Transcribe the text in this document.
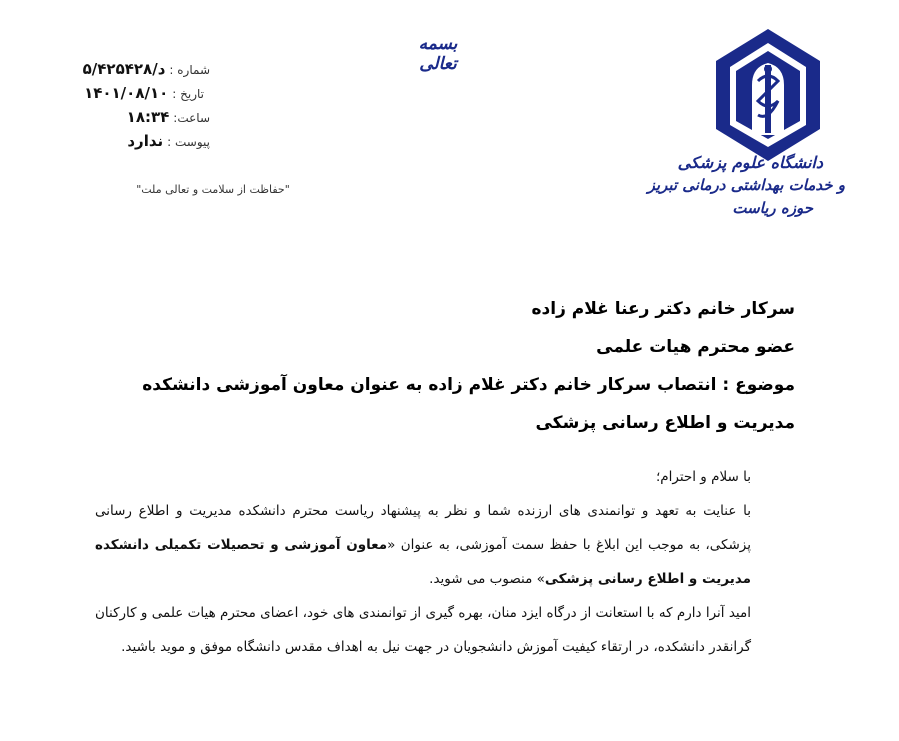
دانشگاه علوم پزشکی
و خدمات بهداشتی درمانی تبریز
حوزه ریاست
بسمه تعالی
شماره :
۵/د/۴۲۵۴۲۸
تاریخ :
۱۴۰۱/۰۸/۱۰
ساعت:
۱۸:۳۴
پیوست :
ندارد
"حفاظت از سلامت و تعالی ملت"
سرکار خانم دکتر رعنا غلام زاده
عضو محترم هیات علمی
موضوع : انتصاب سرکار خانم دکتر غلام زاده به عنوان معاون آموزشی دانشکده
مدیریت و اطلاع رسانی پزشکی

با سلام و احترام؛

با عنایت به تعهد و توانمندی های ارزنده شما و نظر به پیشنهاد ریاست محترم دانشکده مدیریت و اطلاع رسانی پزشکی، به موجب این ابلاغ با حفظ سمت آموزشی، به عنوان «معاون آموزشی و تحصیلات تکمیلی دانشکده مدیریت و اطلاع رسانی پزشکی» منصوب می شوید.

امید آنرا دارم که با استعانت از درگاه ایزد منان، بهره گیری از توانمندی های خود، اعضای محترم هیات علمی و کارکنان گرانقدر دانشکده، در ارتقاء کیفیت آموزش دانشجویان در جهت نیل به اهداف مقدس دانشگاه موفق و موید باشید.
